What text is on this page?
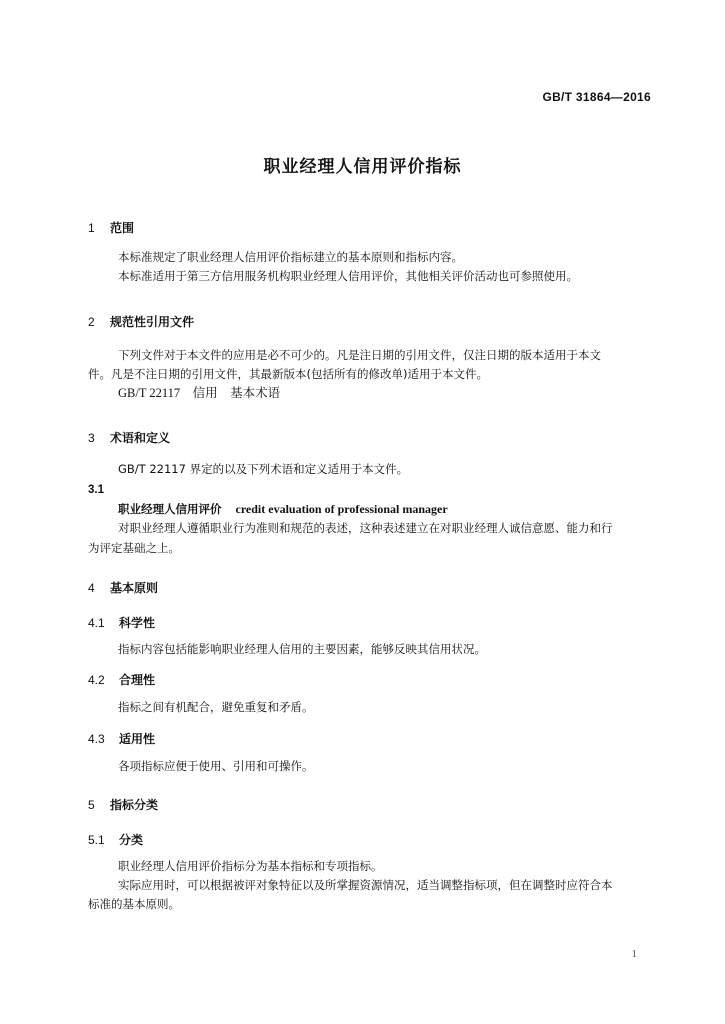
GB/T 31864—2016
职业经理人信用评价指标
1 范围
本标准规定了职业经理人信用评价指标建立的基本原则和指标内容。
本标准适用于第三方信用服务机构职业经理人信用评价，其他相关评价活动也可参照使用。
2 规范性引用文件
下列文件对于本文件的应用是必不可少的。凡是注日期的引用文件，仅注日期的版本适用于本文
件。凡是不注日期的引用文件，其最新版本(包括所有的修改单)适用于本文件。
GB/T 22117　信用　基本术语
3 术语和定义
GB/T 22117 界定的以及下列术语和定义适用于本文件。
3.1
职业经理人信用评价 credit evaluation of professional manager
对职业经理人遵循职业行为准则和规范的表述，这种表述建立在对职业经理人诚信意愿、能力和行
为评定基础之上。
4 基本原则
4.1 科学性
指标内容包括能影响职业经理人信用的主要因素，能够反映其信用状况。
4.2 合理性
指标之间有机配合，避免重复和矛盾。
4.3 适用性
各项指标应便于使用、引用和可操作。
5 指标分类
5.1 分类
职业经理人信用评价指标分为基本指标和专项指标。
实际应用时，可以根据被评对象特征以及所掌握资源情况，适当调整指标项，但在调整时应符合本
标准的基本原则。
1
